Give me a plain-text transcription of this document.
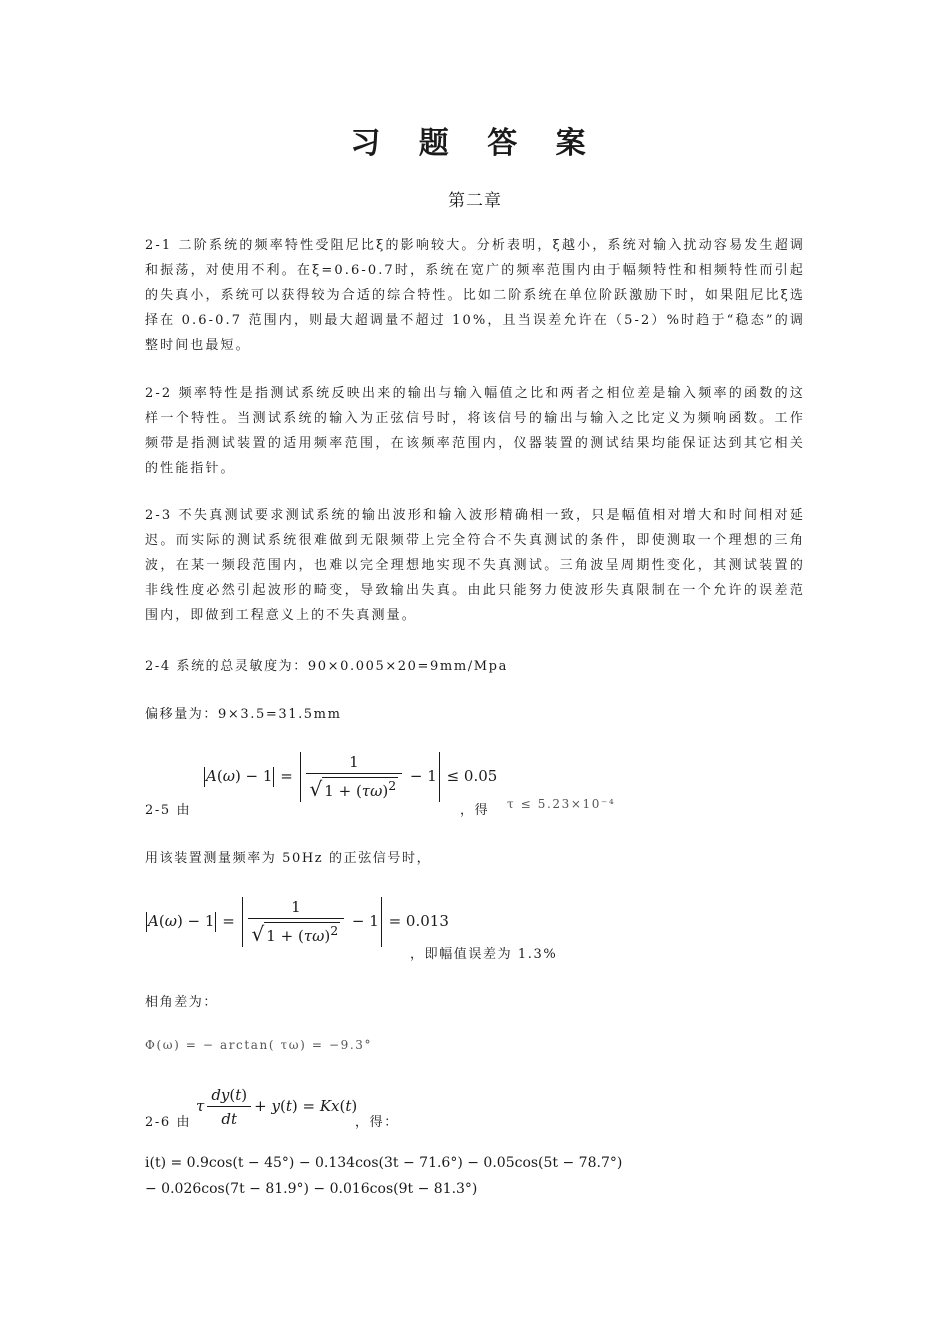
习 题 答 案
第二章
2-1 二阶系统的频率特性受阻尼比ξ的影响较大。分析表明，ξ越小，系统对输入扰动容易发生超调和振荡，对使用不利。在ξ=0.6-0.7时，系统在宽广的频率范围内由于幅频特性和相频特性而引起的失真小，系统可以获得较为合适的综合特性。比如二阶系统在单位阶跃激励下时，如果阻尼比ξ选择在 0.6-0.7 范围内，则最大超调量不超过 10%，且当误差允许在（5-2）%时趋于“稳态”的调整时间也最短。
2-2 频率特性是指测试系统反映出来的输出与输入幅值之比和两者之相位差是输入频率的函数的这样一个特性。当测试系统的输入为正弦信号时，将该信号的输出与输入之比定义为频响函数。工作频带是指测试装置的适用频率范围，在该频率范围内，仪器装置的测试结果均能保证达到其它相关的性能指针。
2-3 不失真测试要求测试系统的输出波形和输入波形精确相一致，只是幅值相对增大和时间相对延迟。而实际的测试系统很难做到无限频带上完全符合不失真测试的条件，即使测取一个理想的三角波，在某一频段范围内，也难以完全理想地实现不失真测试。三角波呈周期性变化，其测试装置的非线性度必然引起波形的畸变，导致输出失真。由此只能努力使波形失真限制在一个允许的误差范围内，即做到工程意义上的不失真测量。
2-4 系统的总灵敏度为：90×0.005×20=9mm/Mpa
偏移量为：9×3.5=31.5mm
2-5 由
$A(\omega) - 1 = \frac{1}{√ 1 + (\tau\omega)^2} - 1 \le 0.05$
，得 τ ≤ 5.23×10⁻⁴
用该装置测量频率为 50Hz 的正弦信号时，
$A(\omega) - 1 = \frac{1}{√ 1 + (\tau\omega)^2} - 1 = 0.013$
，即幅值误差为 1.3%
相角差为：
Φ(ω) = − arctan( τω) = −9.3°
2-6 由
τ $\frac{dy(t)}{dt} + y(t) = Kx(t)$
，得：
i(t) = 0.9cos(t − 45°) − 0.134cos(3t − 71.6°) − 0.05cos(5t − 78.7°)
− 0.026cos(7t − 81.9°) − 0.016cos(9t − 81.3°)
